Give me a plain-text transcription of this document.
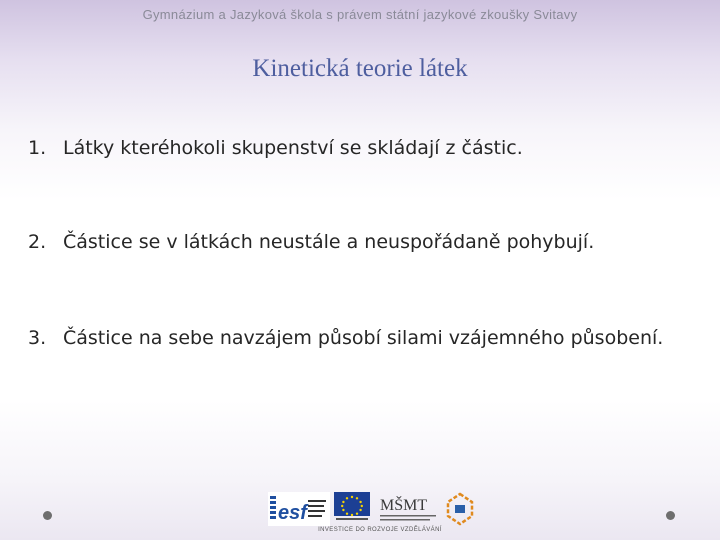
Gymnázium a Jazyková škola s právem státní jazykové zkoušky Svitavy
Kinetická teorie látek
1. Látky kteréhokoli skupenství se skládají z částic.
2. Částice se v látkách neustále a neuspořádaně pohybují.
3. Částice na sebe navzájem působí silami vzájemného působení.
esf	MŠMT
INVESTICE DO ROZVOJE VZDĚLÁVÁNÍ
